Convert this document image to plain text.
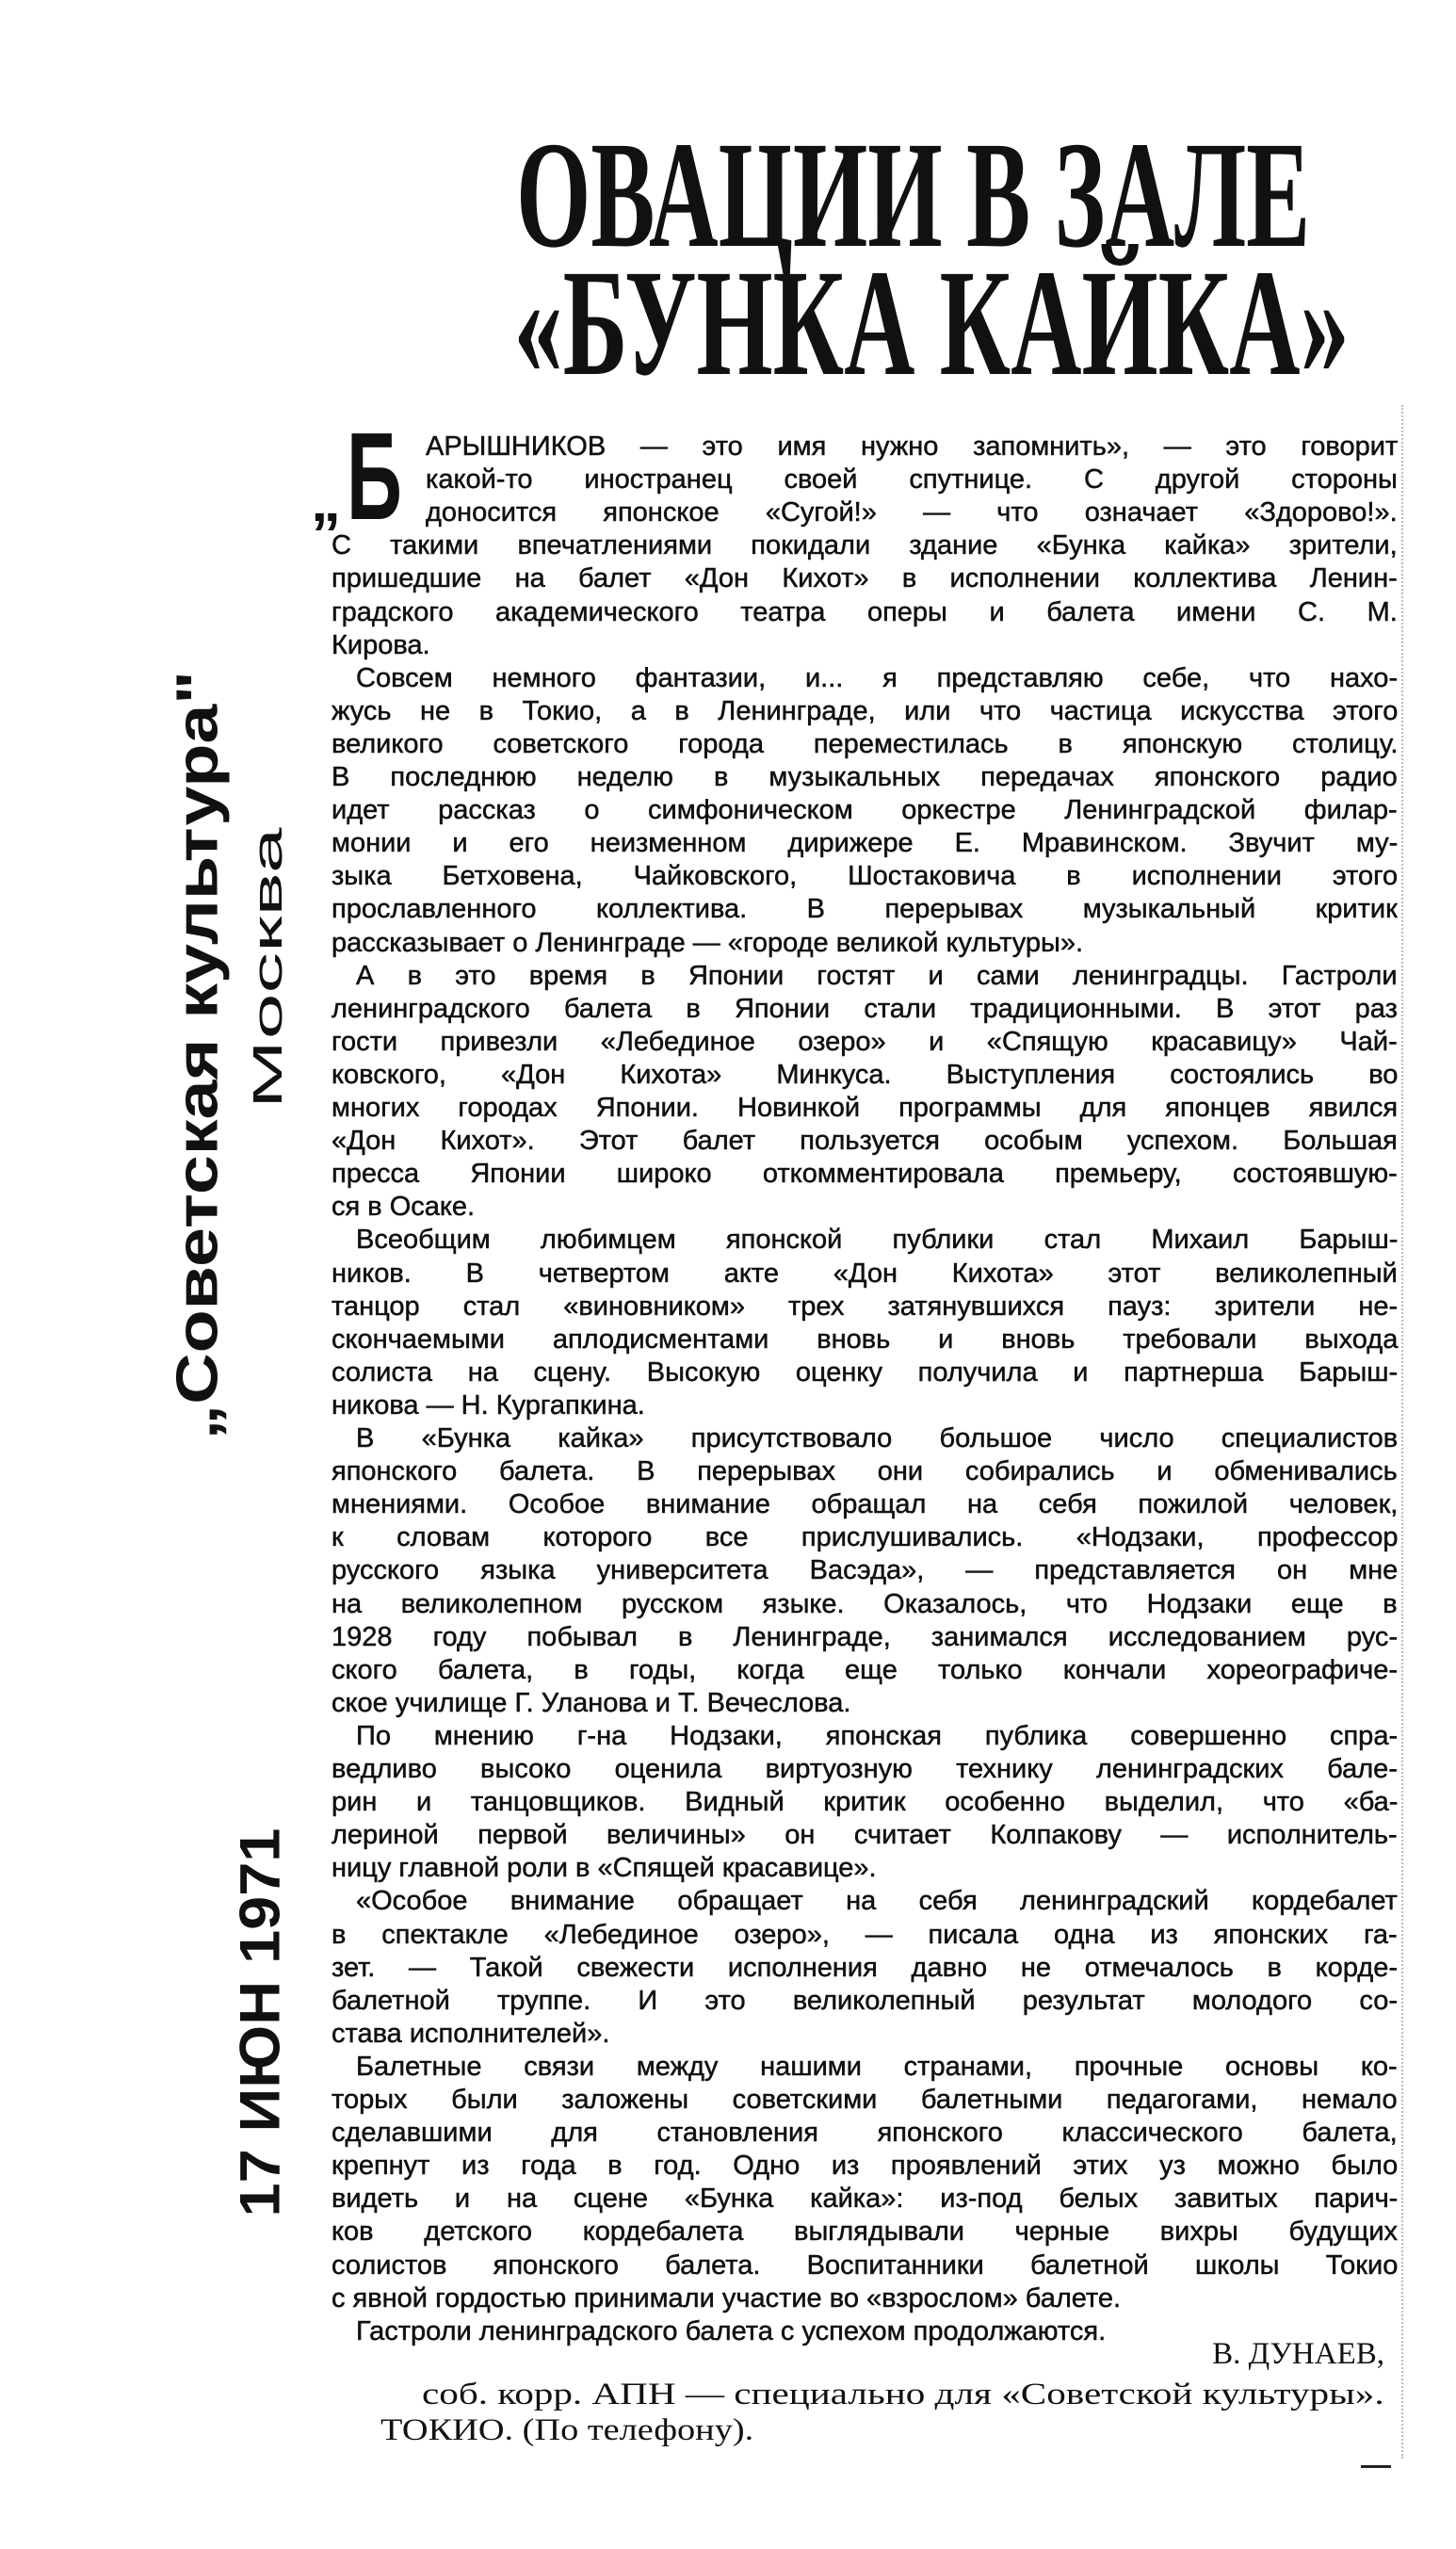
ОВАЦИИ В ЗАЛЕ
«БУНКА КАЙКА»
„Советская культура" Москва
17 ИЮН 1971
„ Б АРЫШНИКОВ — это имя нужно запомнить», — это говорит
какой-то иностранец своей спутнице. С другой стороны
доносится японское «Сугой!» — что означает «Здорово!».
С такими впечатлениями покидали здание «Бунка кайка» зрители,
пришедшие на балет «Дон Кихот» в исполнении коллектива Ленин-
градского академического театра оперы и балета имени С. М.
Кирова.
Совсем немного фантазии, и... я представляю себе, что нахо-
жусь не в Токио, а в Ленинграде, или что частица искусства этого
великого советского города переместилась в японскую столицу.
В последнюю неделю в музыкальных передачах японского радио
идет рассказ о симфоническом оркестре Ленинградской филар-
монии и его неизменном дирижере Е. Мравинском. Звучит му-
зыка Бетховена, Чайковского, Шостаковича в исполнении этого
прославленного коллектива. В перерывах музыкальный критик
рассказывает о Ленинграде — «городе великой культуры».
А в это время в Японии гостят и сами ленинградцы. Гастроли
ленинградского балета в Японии стали традиционными. В этот раз
гости привезли «Лебединое озеро» и «Спящую красавицу» Чай-
ковского, «Дон Кихота» Минкуса. Выступления состоялись во
многих городах Японии. Новинкой программы для японцев явился
«Дон Кихот». Этот балет пользуется особым успехом. Большая
пресса Японии широко откомментировала премьеру, состоявшую-
ся в Осаке.
Всеобщим любимцем японской публики стал Михаил Барыш-
ников. В четвертом акте «Дон Кихота» этот великолепный
танцор стал «виновником» трех затянувшихся пауз: зрители не-
скончаемыми аплодисментами вновь и вновь требовали выхода
солиста на сцену. Высокую оценку получила и партнерша Барыш-
никова — Н. Кургапкина.
В «Бунка кайка» присутствовало большое число специалистов
японского балета. В перерывах они собирались и обменивались
мнениями. Особое внимание обращал на себя пожилой человек,
к словам которого все прислушивались. «Нодзаки, профессор
русского языка университета Васэда», — представляется он мне
на великолепном русском языке. Оказалось, что Нодзаки еще в
1928 году побывал в Ленинграде, занимался исследованием рус-
ского балета, в годы, когда еще только кончали хореографиче-
ское училище Г. Уланова и Т. Вечеслова.
По мнению г-на Нодзаки, японская публика совершенно спра-
ведливо высоко оценила виртуозную технику ленинградских бале-
рин и танцовщиков. Видный критик особенно выделил, что «ба-
лериной первой величины» он считает Колпакову — исполнитель-
ницу главной роли в «Спящей красавице».
«Особое внимание обращает на себя ленинградский кордебалет
в спектакле «Лебединое озеро», — писала одна из японских га-
зет. — Такой свежести исполнения давно не отмечалось в корде-
балетной труппе. И это великолепный результат молодого со-
става исполнителей».
Балетные связи между нашими странами, прочные основы ко-
торых были заложены советскими балетными педагогами, немало
сделавшими для становления японского классического балета,
крепнут из года в год. Одно из проявлений этих уз можно было
видеть и на сцене «Бунка кайка»: из-под белых завитых парич-
ков детского кордебалета выглядывали черные вихры будущих
солистов японского балета. Воспитанники балетной школы Токио
с явной гордостью принимали участие во «взрослом» балете.
Гастроли ленинградского балета с успехом продолжаются.
В. ДУНАЕВ,
соб. корр. АПН — специально для «Советской культуры».
ТОКИО. (По телефону).
